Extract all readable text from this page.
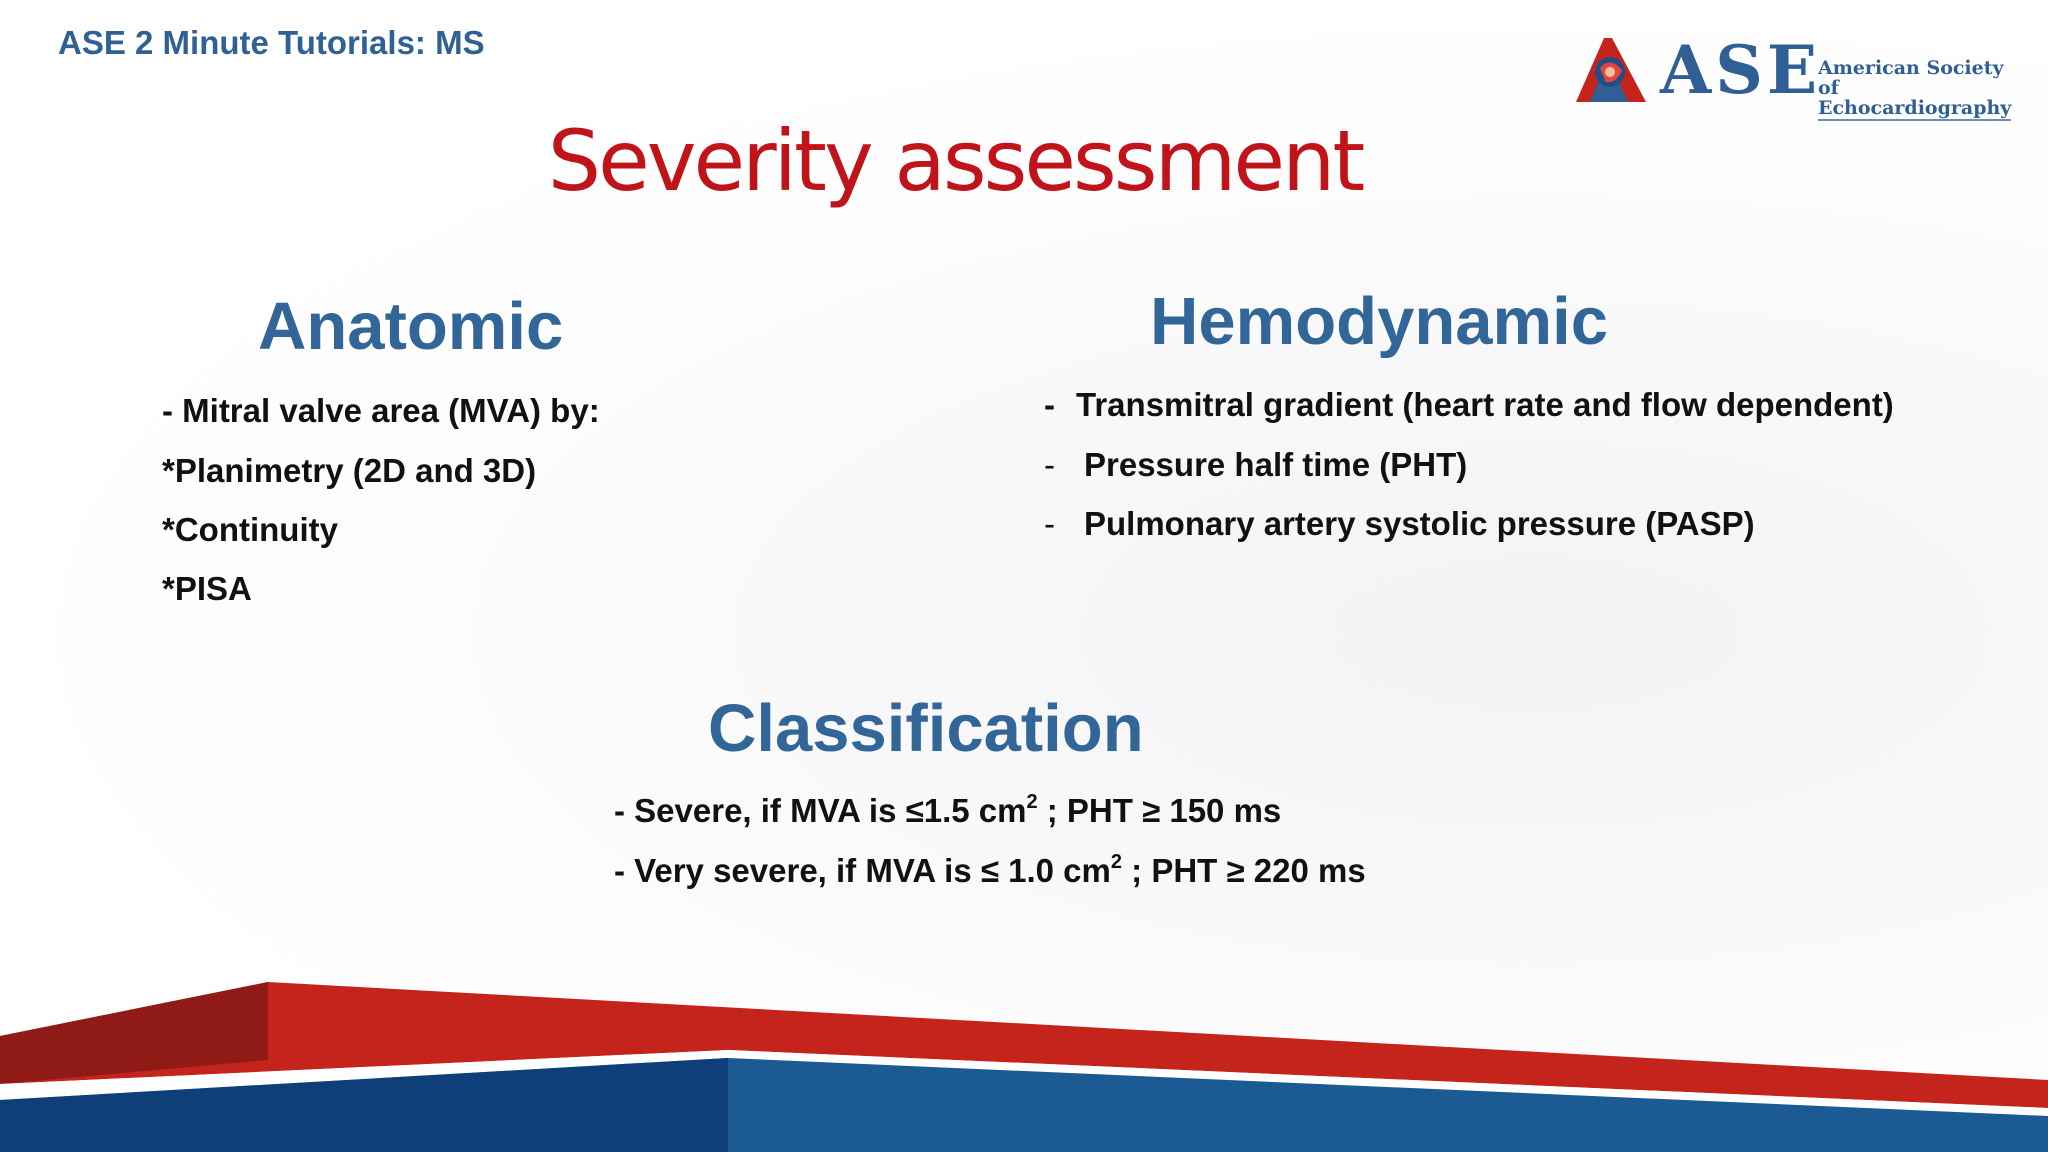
ASE 2 Minute Tutorials: MS	ASE
American Society of
Echocardiography
Severity assessment
Anatomic
- Mitral valve area (MVA) by:
*Planimetry (2D and 3D)
*Continuity
*PISA
Hemodynamic
- Transmitral gradient (heart rate and flow dependent)
- Pressure half time (PHT)
- Pulmonary artery systolic pressure (PASP)
Classification
- Severe, if MVA is ≤1.5 $cm^2$ ; PHT ≥ 150 ms
- Very severe, if MVA is ≤ 1.0 $cm^2$ ; PHT ≥ 220 ms
